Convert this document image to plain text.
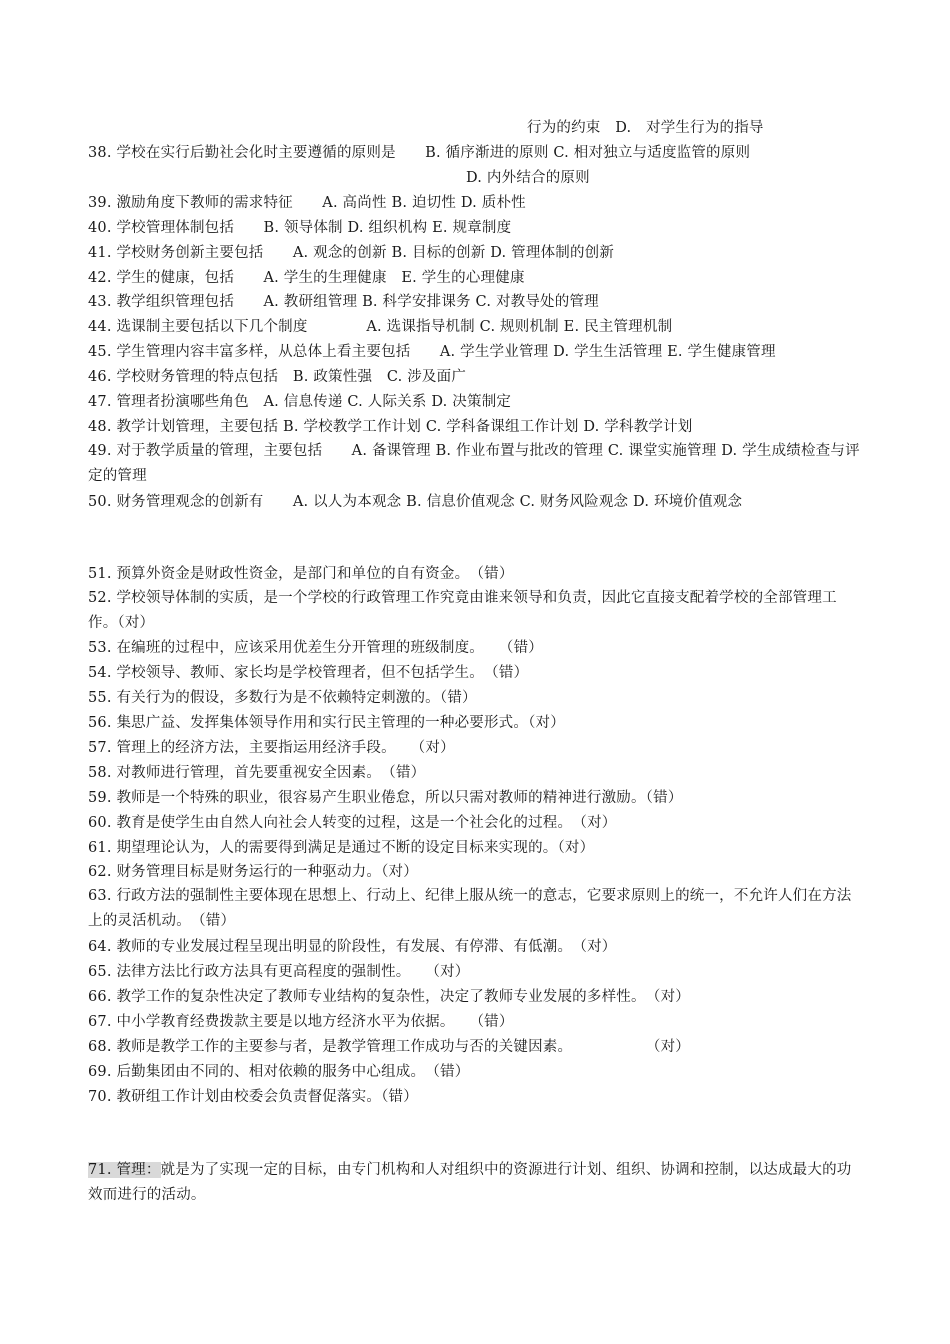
行为的约束　D.　对学生行为的指导
38. 学校在实行后勤社会化时主要遵循的原则是　　B. 循序渐进的原则 C. 相对独立与适度监管的原则
D. 内外结合的原则
39. 激励角度下教师的需求特征　　A. 高尚性 B. 迫切性 D. 质朴性
40. 学校管理体制包括　　B. 领导体制 D. 组织机构 E. 规章制度
41. 学校财务创新主要包括　　A. 观念的创新 B. 目标的创新 D. 管理体制的创新
42. 学生的健康，包括　　A. 学生的生理健康　E. 学生的心理健康
43. 教学组织管理包括　　A. 教研组管理 B. 科学安排课务 C. 对教导处的管理
44. 选课制主要包括以下几个制度　　　　A. 选课指导机制 C. 规则机制 E. 民主管理机制
45. 学生管理内容丰富多样，从总体上看主要包括　　A. 学生学业管理 D. 学生生活管理 E. 学生健康管理
46. 学校财务管理的特点包括　B. 政策性强　C. 涉及面广
47. 管理者扮演哪些角色　A. 信息传递 C. 人际关系 D. 决策制定
48. 教学计划管理，主要包括 B. 学校教学工作计划 C. 学科备课组工作计划 D. 学科教学计划
49. 对于教学质量的管理，主要包括　　A. 备课管理 B. 作业布置与批改的管理 C. 课堂实施管理 D. 学生成绩检查与评定的管理
50. 财务管理观念的创新有　　A. 以人为本观念 B. 信息价值观念 C. 财务风险观念 D. 环境价值观念
51. 预算外资金是财政性资金，是部门和单位的自有资金。　（错）
52. 学校领导体制的实质，是一个学校的行政管理工作究竟由谁来领导和负责，因此它直接支配着学校的全部管理工作。（对）
53. 在编班的过程中，应该采用优差生分开管理的班级制度。　　（错）
54. 学校领导、教师、家长均是学校管理者，但不包括学生。　（错）
55. 有关行为的假设，多数行为是不依赖特定刺激的。（错）
56. 集思广益、发挥集体领导作用和实行民主管理的一种必要形式。（对）
57. 管理上的经济方法，主要指运用经济手段。　　（对）
58. 对教师进行管理，首先要重视安全因素。　（错）
59. 教师是一个特殊的职业，很容易产生职业倦怠，所以只需对教师的精神进行激励。（错）
60. 教育是使学生由自然人向社会人转变的过程，这是一个社会化的过程。　（对）
61. 期望理论认为，人的需要得到满足是通过不断的设定目标来实现的。（对）
62. 财务管理目标是财务运行的一种驱动力。（对）
63. 行政方法的强制性主要体现在思想上、行动上、纪律上服从统一的意志，它要求原则上的统一，不允许人们在方法上的灵活机动。　（错）
64. 教师的专业发展过程呈现出明显的阶段性，有发展、有停滞、有低潮。　（对）
65. 法律方法比行政方法具有更高程度的强制性。　　（对）
66. 教学工作的复杂性决定了教师专业结构的复杂性，决定了教师专业发展的多样性。　（对）
67. 中小学教育经费拨款主要是以地方经济水平为依据。　　（错）
68. 教师是教学工作的主要参与者，是教学管理工作成功与否的关键因素。　　　　　　（对）
69. 后勤集团由不同的、相对依赖的服务中心组成。　（错）
70. 教研组工作计划由校委会负责督促落实。（错）
71. 管理：就是为了实现一定的目标，由专门机构和人对组织中的资源进行计划、组织、协调和控制，以达成最大的功效而进行的活动。
